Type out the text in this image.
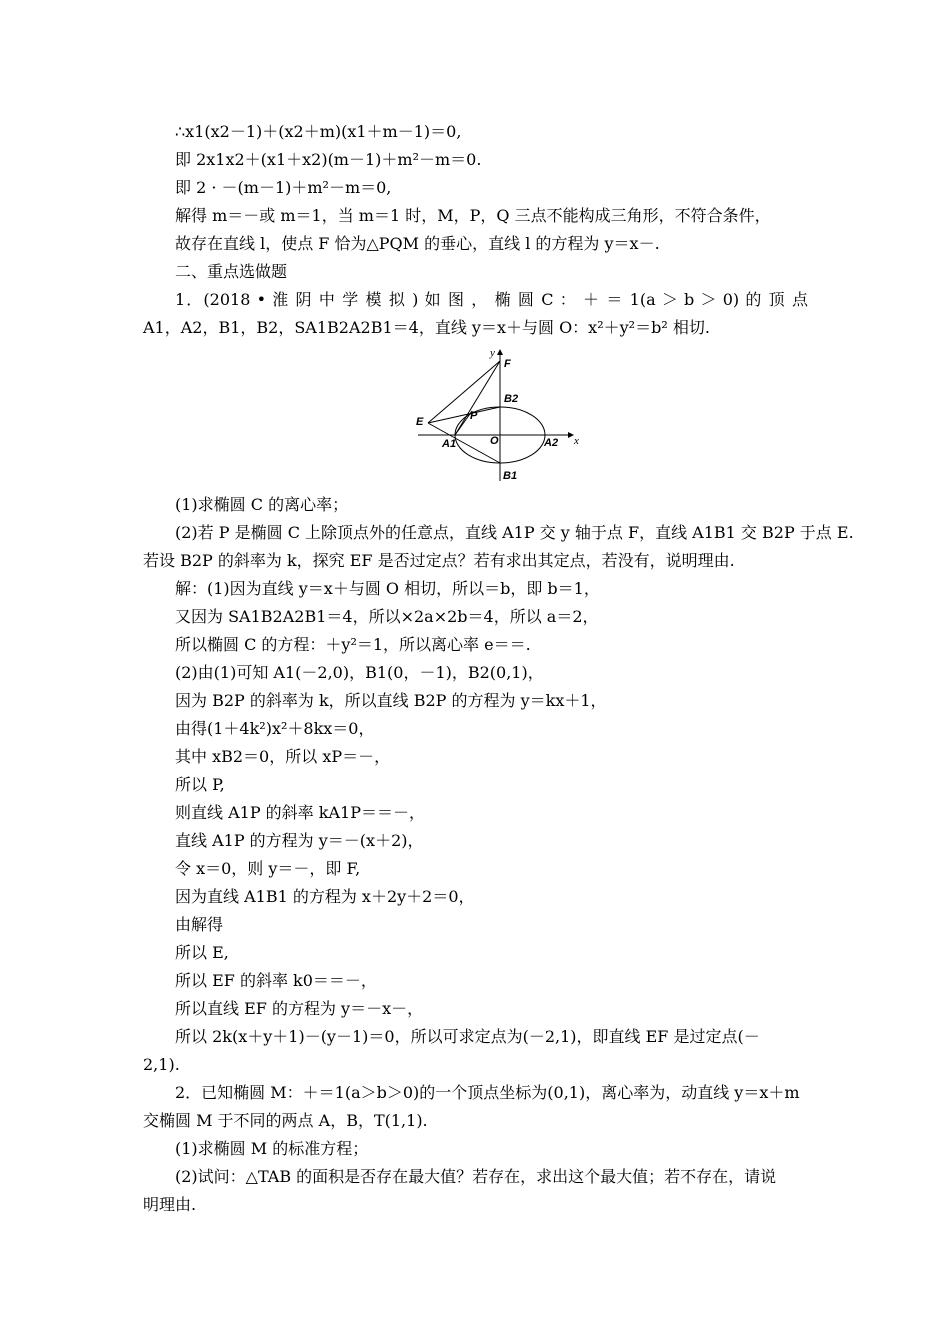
∴x1(x2－1)＋(x2＋m)(x1＋m－1)＝0,
即 2x1x2＋(x1＋x2)(m－1)＋m²－m＝0.
即 2 · －(m－1)＋m²－m＝0,
解得 m＝－或 m＝1，当 m＝1 时，M，P，Q 三点不能构成三角形，不符合条件，
故存在直线 l，使点 F 恰为△PQM 的垂心，直线 l 的方程为 y＝x－.
二、重点选做题
1．(2018 • 淮 阴 中 学 模 拟 ) 如 图 ， 椭 圆 C ： ＋ ＝ 1(a ＞ b ＞ 0) 的 顶 点
A1，A2，B1，B2，SA1B2A2B1＝4，直线 y＝x＋与圆 O：x²＋y²＝b² 相切.
y
x
F
B2
P
E
O
A1	A2
B1
(1)求椭圆 C 的离心率；
(2)若 P 是椭圆 C 上除顶点外的任意点，直线 A1P 交 y 轴于点 F，直线 A1B1 交 B2P 于点 E.
若设 B2P 的斜率为 k，探究 EF 是否过定点？若有求出其定点，若没有，说明理由.
解：(1)因为直线 y＝x＋与圆 O 相切，所以＝b，即 b＝1，
又因为 SA1B2A2B1＝4，所以×2a×2b＝4，所以 a＝2，
所以椭圆 C 的方程：＋y²＝1，所以离心率 e＝＝.
(2)由(1)可知 A1(－2,0)，B1(0，－1)，B2(0,1)，
因为 B2P 的斜率为 k，所以直线 B2P 的方程为 y＝kx＋1，
由得(1＋4k²)x²＋8kx＝0，
其中 xB2＝0，所以 xP＝－，
所以 P,
则直线 A1P 的斜率 kA1P＝＝－，
直线 A1P 的方程为 y＝－(x＋2)，
令 x＝0，则 y＝－，即 F,
因为直线 A1B1 的方程为 x＋2y＋2＝0，
由解得
所以 E,
所以 EF 的斜率 k0＝＝－，
所以直线 EF 的方程为 y＝－x－，
所以 2k(x＋y＋1)－(y－1)＝0，所以可求定点为(－2,1)，即直线 EF 是过定点(－
2,1).
2．已知椭圆 M：＋＝1(a＞b＞0)的一个顶点坐标为(0,1)，离心率为，动直线 y＝x＋m
交椭圆 M 于不同的两点 A，B，T(1,1).
(1)求椭圆 M 的标准方程；
(2)试问：△TAB 的面积是否存在最大值？若存在，求出这个最大值；若不存在，请说
明理由.
